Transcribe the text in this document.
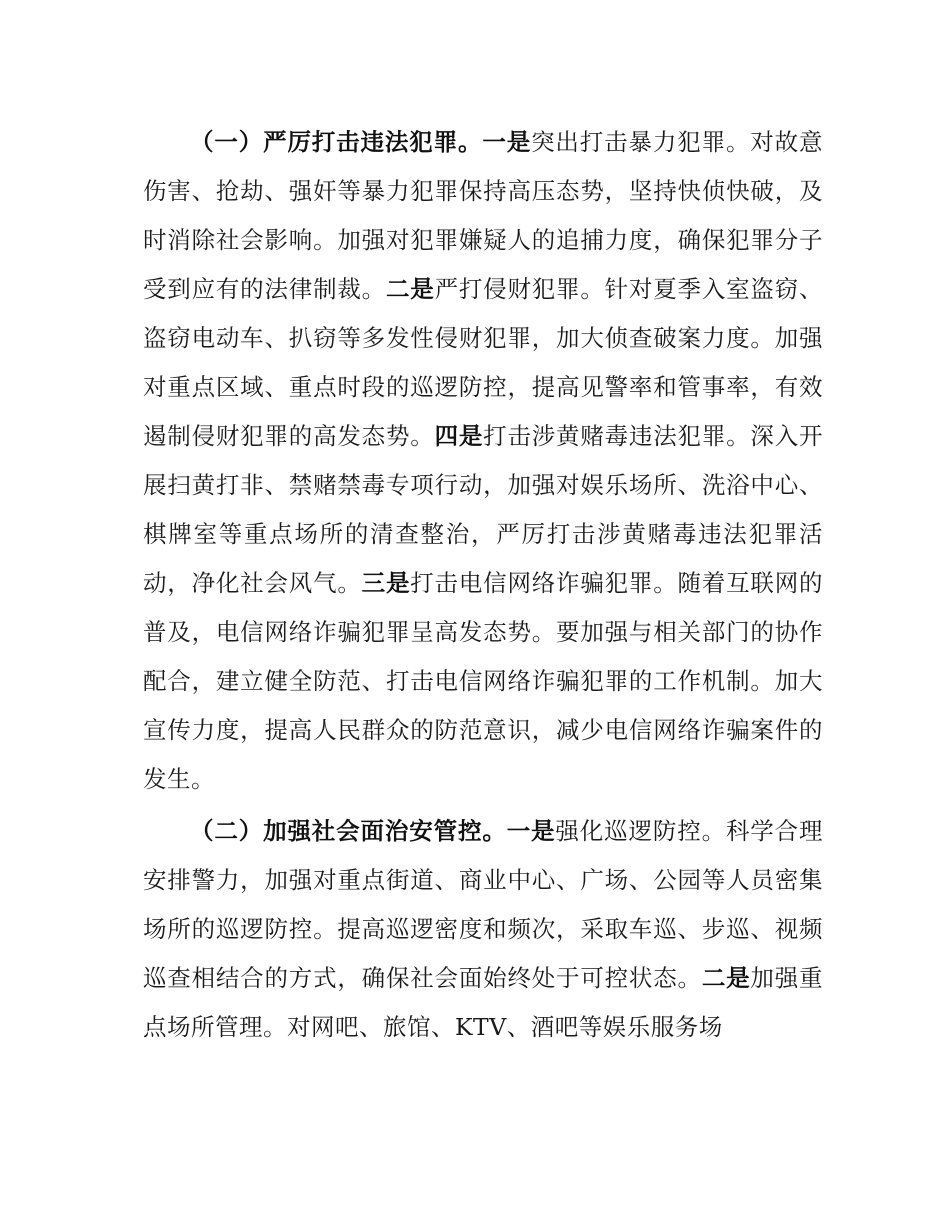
（一）严厉打击违法犯罪。一是突出打击暴力犯罪。对故意伤害、抢劫、强奸等暴力犯罪保持高压态势，坚持快侦快破，及时消除社会影响。加强对犯罪嫌疑人的追捕力度，确保犯罪分子受到应有的法律制裁。二是严打侵财犯罪。针对夏季入室盗窃、盗窃电动车、扒窃等多发性侵财犯罪，加大侦查破案力度。加强对重点区域、重点时段的巡逻防控，提高见警率和管事率，有效遏制侵财犯罪的高发态势。四是打击涉黄赌毒违法犯罪。深入开展扫黄打非、禁赌禁毒专项行动，加强对娱乐场所、洗浴中心、棋牌室等重点场所的清查整治，严厉打击涉黄赌毒违法犯罪活动，净化社会风气。三是打击电信网络诈骗犯罪。随着互联网的普及，电信网络诈骗犯罪呈高发态势。要加强与相关部门的协作配合，建立健全防范、打击电信网络诈骗犯罪的工作机制。加大宣传力度，提高人民群众的防范意识，减少电信网络诈骗案件的发生。

（二）加强社会面治安管控。一是强化巡逻防控。科学合理安排警力，加强对重点街道、商业中心、广场、公园等人员密集场所的巡逻防控。提高巡逻密度和频次，采取车巡、步巡、视频巡查相结合的方式，确保社会面始终处于可控状态。二是加强重点场所管理。对网吧、旅馆、KTV、酒吧等娱乐服务场
